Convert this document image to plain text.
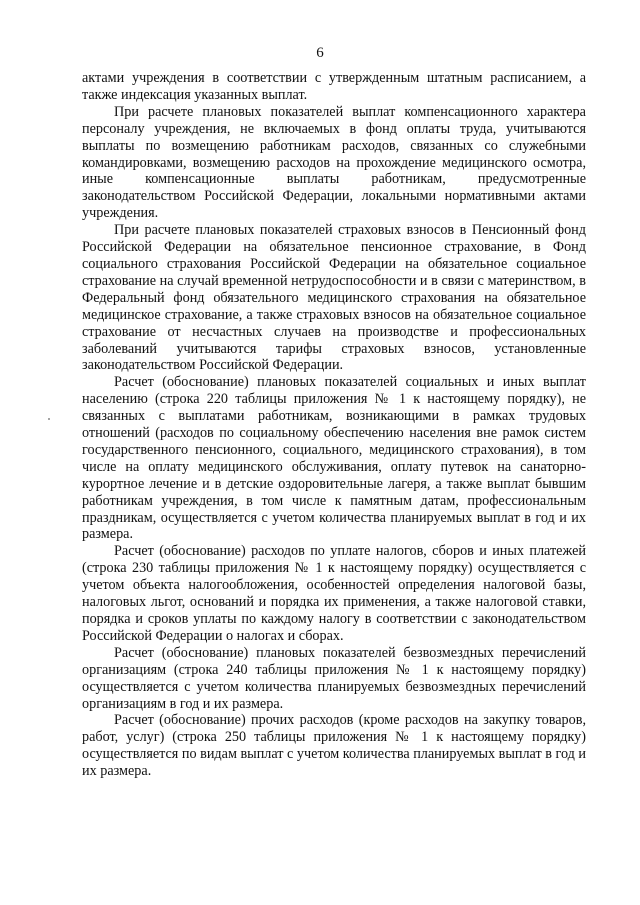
6

актами учреждения в соответствии с утвержденным штатным расписанием, а также индексация указанных выплат.

При расчете плановых показателей выплат компенсационного характера персоналу учреждения, не включаемых в фонд оплаты труда, учитываются выплаты по возмещению работникам расходов, связанных со служебными командировками, возмещению расходов на прохождение медицинского осмотра, иные компенсационные выплаты работникам, предусмотренные законодательством Российской Федерации, локальными нормативными актами учреждения.

При расчете плановых показателей страховых взносов в Пенсионный фонд Российской Федерации на обязательное пенсионное страхование, в Фонд социального страхования Российской Федерации на обязательное социальное страхование на случай временной нетрудоспособности и в связи с материнством, в Федеральный фонд обязательного медицинского страхования на обязательное медицинское страхование, а также страховых взносов на обязательное социальное страхование от несчастных случаев на производстве и профессиональных заболеваний учитываются тарифы страховых взносов, установленные законодательством Российской Федерации.

Расчет (обоснование) плановых показателей социальных и иных выплат населению (строка 220 таблицы приложения № 1 к настоящему порядку), не связанных с выплатами работникам, возникающими в рамках трудовых отношений (расходов по социальному обеспечению населения вне рамок систем государственного пенсионного, социального, медицинского страхования), в том числе на оплату медицинского обслуживания, оплату путевок на санаторно-курортное лечение и в детские оздоровительные лагеря, а также выплат бывшим работникам учреждения, в том числе к памятным датам, профессиональным праздникам, осуществляется с учетом количества планируемых выплат в год и их размера.

Расчет (обоснование) расходов по уплате налогов, сборов и иных платежей (строка 230 таблицы приложения № 1 к настоящему порядку) осуществляется с учетом объекта налогообложения, особенностей определения налоговой базы, налоговых льгот, оснований и порядка их применения, а также налоговой ставки, порядка и сроков уплаты по каждому налогу в соответствии с законодательством Российской Федерации о налогах и сборах.

Расчет (обоснование) плановых показателей безвозмездных перечислений организациям (строка 240 таблицы приложения № 1 к настоящему порядку) осуществляется с учетом количества планируемых безвозмездных перечислений организациям в год и их размера.

Расчет (обоснование) прочих расходов (кроме расходов на закупку товаров, работ, услуг) (строка 250 таблицы приложения № 1 к настоящему порядку) осуществляется по видам выплат с учетом количества планируемых выплат в год и их размера.
